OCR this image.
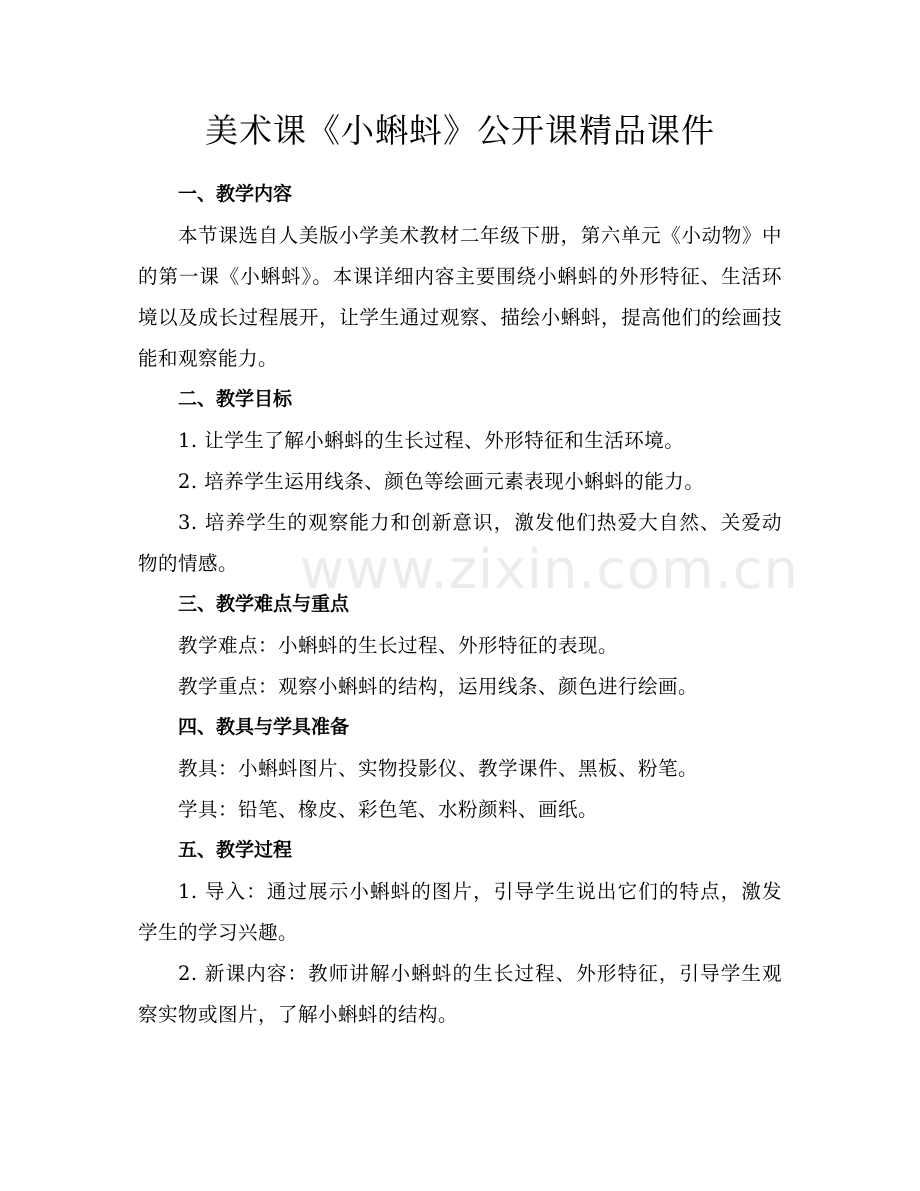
www.zixin.com.cn
美术课《小蝌蚪》公开课精品课件

一、教学内容

本节课选自人美版小学美术教材二年级下册，第六单元《小动物》中的第一课《小蝌蚪》。本课详细内容主要围绕小蝌蚪的外形特征、生活环境以及成长过程展开，让学生通过观察、描绘小蝌蚪，提高他们的绘画技能和观察能力。

二、教学目标

1. 让学生了解小蝌蚪的生长过程、外形特征和生活环境。

2. 培养学生运用线条、颜色等绘画元素表现小蝌蚪的能力。

3. 培养学生的观察能力和创新意识，激发他们热爱大自然、关爱动物的情感。

三、教学难点与重点

教学难点：小蝌蚪的生长过程、外形特征的表现。

教学重点：观察小蝌蚪的结构，运用线条、颜色进行绘画。

四、教具与学具准备

教具：小蝌蚪图片、实物投影仪、教学课件、黑板、粉笔。

学具：铅笔、橡皮、彩色笔、水粉颜料、画纸。

五、教学过程

1. 导入：通过展示小蝌蚪的图片，引导学生说出它们的特点，激发学生的学习兴趣。

2. 新课内容：教师讲解小蝌蚪的生长过程、外形特征，引导学生观察实物或图片，了解小蝌蚪的结构。
